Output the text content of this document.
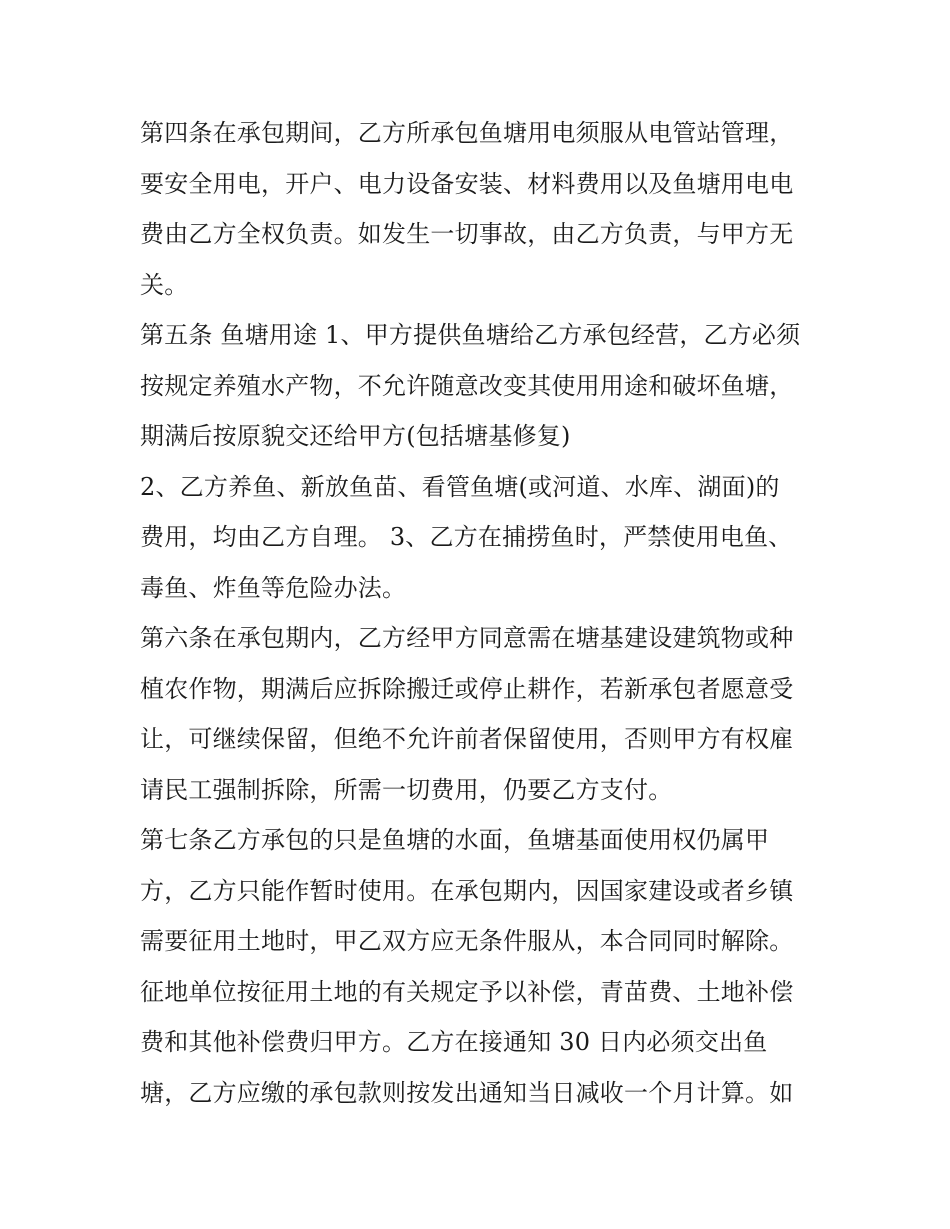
第四条在承包期间，乙方所承包鱼塘用电须服从电管站管理，
要安全用电，开户、电力设备安装、材料费用以及鱼塘用电电
费由乙方全权负责。如发生一切事故，由乙方负责，与甲方无
关。
第五条 鱼塘用途 1、甲方提供鱼塘给乙方承包经营，乙方必须
按规定养殖水产物，不允许随意改变其使用用途和破坏鱼塘，
期满后按原貌交还给甲方(包括塘基修复)
2、乙方养鱼、新放鱼苗、看管鱼塘(或河道、水库、湖面)的
费用，均由乙方自理。 3、乙方在捕捞鱼时，严禁使用电鱼、
毒鱼、炸鱼等危险办法。
第六条在承包期内，乙方经甲方同意需在塘基建设建筑物或种
植农作物，期满后应拆除搬迁或停止耕作，若新承包者愿意受
让，可继续保留，但绝不允许前者保留使用，否则甲方有权雇
请民工强制拆除，所需一切费用，仍要乙方支付。
第七条乙方承包的只是鱼塘的水面，鱼塘基面使用权仍属甲
方，乙方只能作暂时使用。在承包期内，因国家建设或者乡镇
需要征用土地时，甲乙双方应无条件服从，本合同同时解除。
征地单位按征用土地的有关规定予以补偿，青苗费、土地补偿
费和其他补偿费归甲方。乙方在接通知 30 日内必须交出鱼
塘，乙方应缴的承包款则按发出通知当日减收一个月计算。如
